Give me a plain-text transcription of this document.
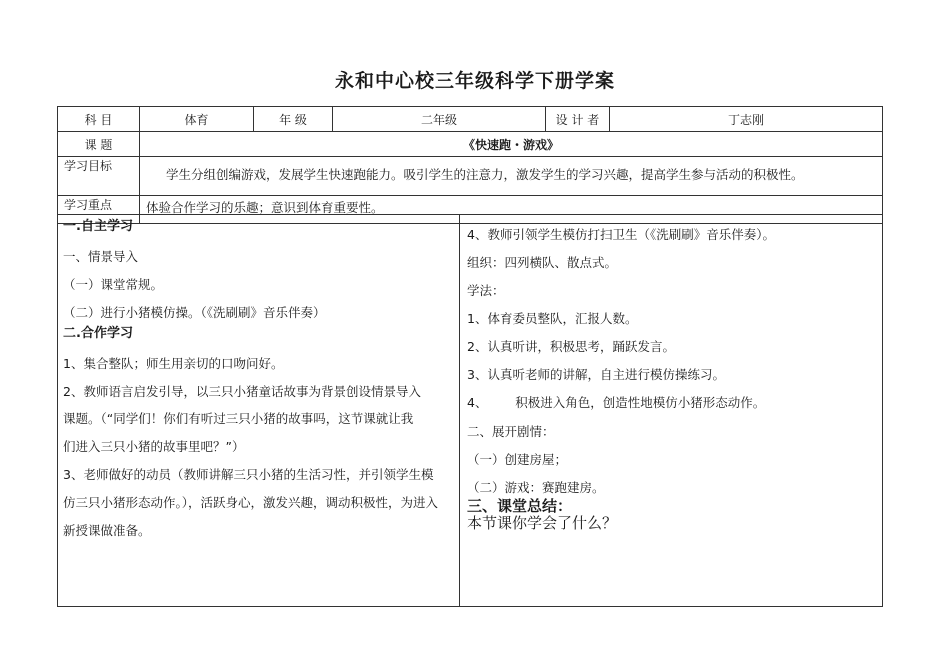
永和中心校三年级科学下册学案
科 目	体育	年 级	二年级	设 计 者	丁志刚
课 题	《快速跑・游戏》				
学习目标	学生分组创编游戏，发展学生快速跑能力。吸引学生的注意力，激发学生的学习兴趣，提高学生参与活动的积极性。				
学习重点	体验合作学习的乐趣；意识到体育重要性。				
一.自主学习
一、情景导入
（一）课堂常规。
（二）进行小猪模仿操。（《洗刷刷》音乐伴奏）
二.合作学习
1、集合整队；师生用亲切的口吻问好。
2、教师语言启发引导，以三只小猪童话故事为背景创设情景导入
课题。（“同学们！你们有听过三只小猪的故事吗，这节课就让我
们进入三只小猪的故事里吧？”）
3、老师做好的动员（教师讲解三只小猪的生活习性，并引领学生模
仿三只小猪形态动作。），活跃身心，激发兴趣，调动积极性，为进入
新授课做准备。

4、教师引领学生模仿打扫卫生（《洗刷刷》音乐伴奏）。
组织：四列横队、散点式。
学法：
1、体育委员整队，汇报人数。
2、认真听讲，积极思考，踊跃发言。
3、认真听老师的讲解，自主进行模仿操练习。
4、       积极进入角色，创造性地模仿小猪形态动作。
二、展开剧情：
（一）创建房屋；
（二）游戏：赛跑建房。
三、课堂总结：
本节课你学会了什么？
